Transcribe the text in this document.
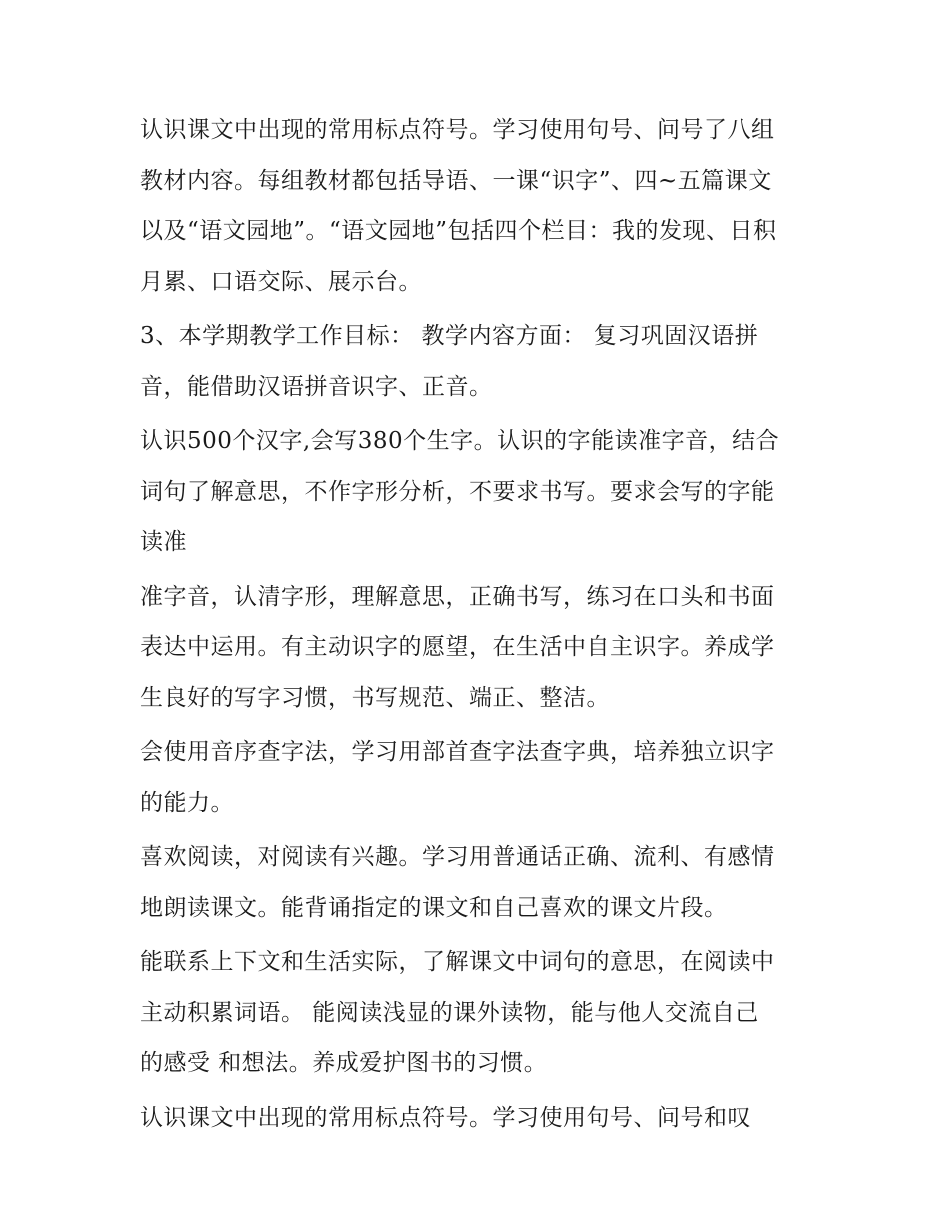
认识课文中出现的常用标点符号。学习使用句号、问号了八组
教材内容。每组教材都包括导语、一课“识字”、四~五篇课文
以及“语文园地”。“语文园地”包括四个栏目：我的发现、日积
月累、口语交际、展示台。
3、本学期教学工作目标： 教学内容方面： 复习巩固汉语拼
音，能借助汉语拼音识字、正音。
认识500个汉字,会写380个生字。认识的字能读准字音，结合
词句了解意思，不作字形分析，不要求书写。要求会写的字能
读准
准字音，认清字形，理解意思，正确书写，练习在口头和书面
表达中运用。有主动识字的愿望，在生活中自主识字。养成学
生良好的写字习惯，书写规范、端正、整洁。
会使用音序查字法，学习用部首查字法查字典，培养独立识字
的能力。
喜欢阅读，对阅读有兴趣。学习用普通话正确、流利、有感情
地朗读课文。能背诵指定的课文和自己喜欢的课文片段。
能联系上下文和生活实际，了解课文中词句的意思，在阅读中
主动积累词语。 能阅读浅显的课外读物，能与他人交流自己
的感受 和想法。养成爱护图书的习惯。
认识课文中出现的常用标点符号。学习使用句号、问号和叹
